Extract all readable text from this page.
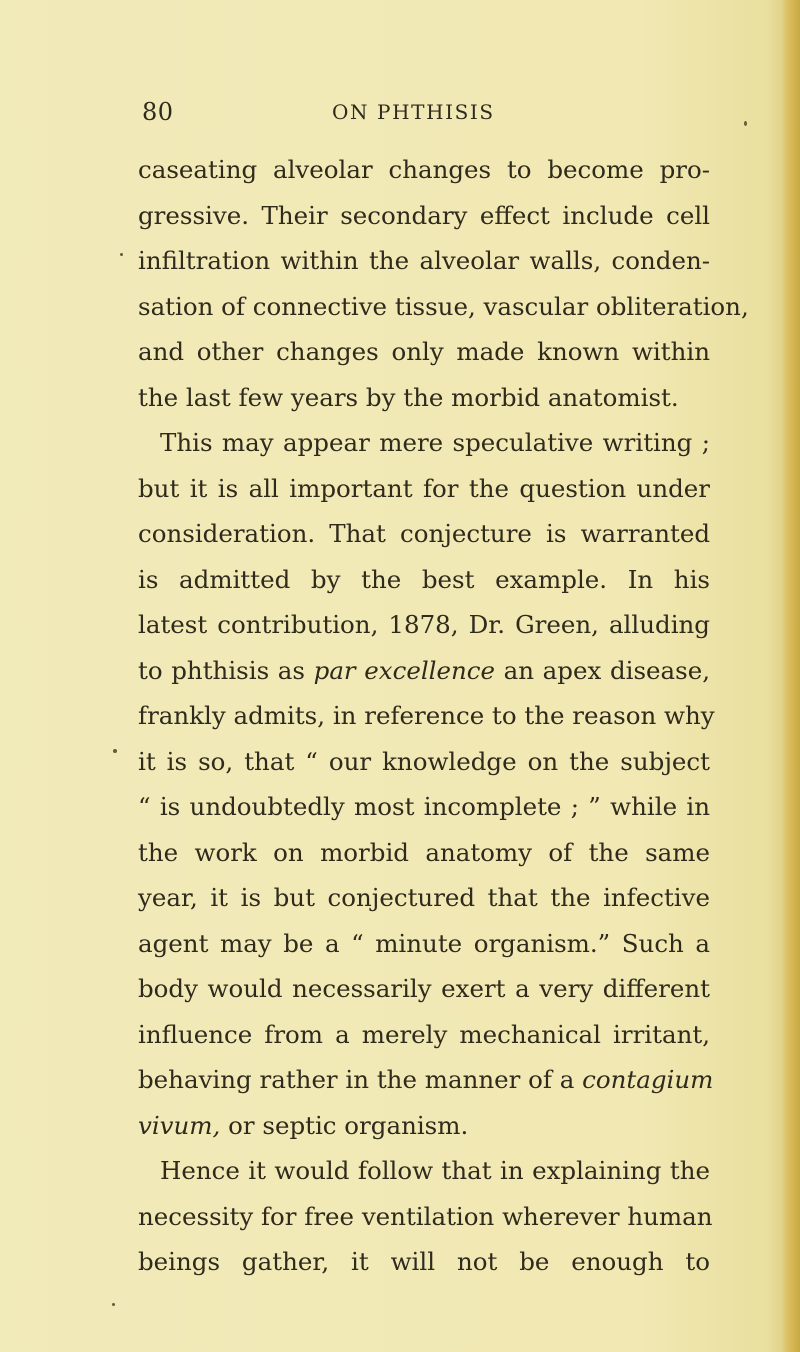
80	ON PHTHISIS
caseating alveolar changes to become pro-
gressive. Their secondary effect include cell
infiltration within the alveolar walls, conden-
sation of connective tissue, vascular obliteration,
and other changes only made known within
the last few years by the morbid anatomist.
This may appear mere speculative writing ;
but it is all important for the question under
consideration. That conjecture is warranted
is admitted by the best example. In his
latest contribution, 1878, Dr. Green, alluding
to phthisis as par excellence an apex disease,
frankly admits, in reference to the reason why
it is so, that “ our knowledge on the subject
“ is undoubtedly most incomplete ; ” while in
the work on morbid anatomy of the same
year, it is but conjectured that the infective
agent may be a “ minute organism.” Such a
body would necessarily exert a very different
influence from a merely mechanical irritant,
behaving rather in the manner of a contagium
vivum, or septic organism.
Hence it would follow that in explaining the
necessity for free ventilation wherever human
beings gather, it will not be enough to
